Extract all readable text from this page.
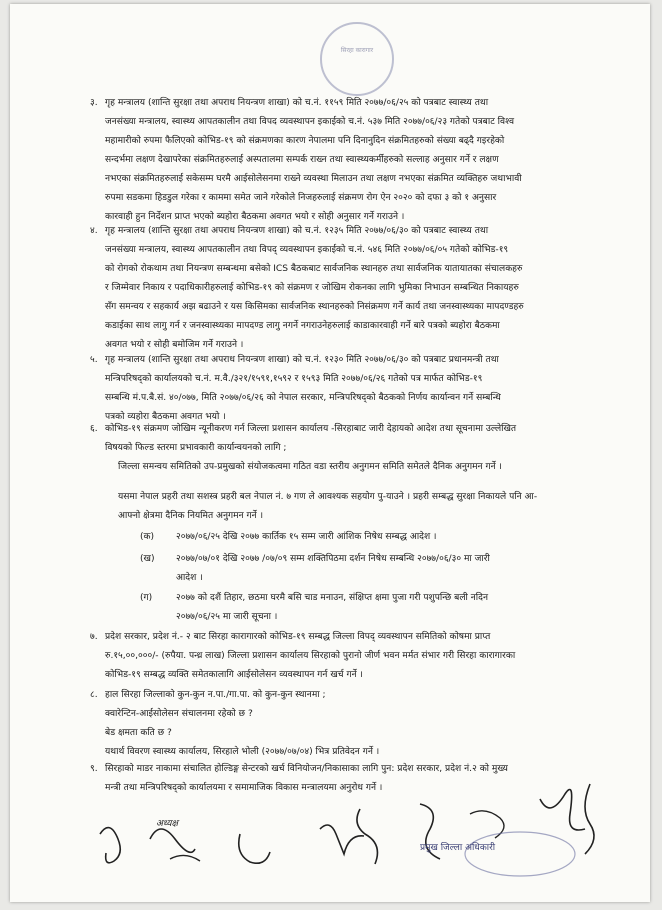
सिरहा कारागार
३. गृह मन्त्रालय (शान्ति सुरक्षा तथा अपराध नियन्त्रण शाखा) को च.नं. ११५९ मिति २०७७/०६/२५ को पत्रबाट स्वास्थ्य तथा

जनसंख्या मन्त्रालय, स्वास्थ्य आपतकालीन तथा विपद व्यवस्थापन इकाईको च.नं. ५३७ मिति २०७७/०६/२३ गतेको पत्रबाट विश्व

महामारीको रुपमा फैलिएको कोभिड-१९ को संक्रमणका कारण नेपालमा पनि दिनानुदिन संक्रमितहरुको संख्या बढ्दै गइरहेको

सन्दर्भमा लक्षण देखापरेका संक्रमितहरुलाई अस्पतालमा सम्पर्क राख्न तथा स्वास्थ्यकर्मीहरुको सल्लाह अनुसार गर्ने र लक्षण

नभएका संक्रमितहरुलाई सकेसम्म घरमै आईसोलेसनमा राख्ने व्यवस्था मिलाउन तथा लक्षण नभएका संक्रमित व्यक्तिहरु जथाभावी

रुपमा सडकमा हिडडुल गरेका र काममा समेत जाने गरेकोले निजहरुलाई संक्रमण रोग ऐन २०२० को दफा ३ को १ अनुसार

कारवाही हुन निर्देशन प्राप्त भएको ब्यहोरा बैठकमा अवगत भयो र सोही अनुसार गर्ने गराउने ।

४. गृह मन्त्रालय (शान्ति सुरक्षा तथा अपराध नियन्त्रण शाखा) को च.नं. १२३५ मिति २०७७/०६/३० को पत्रबाट स्वास्थ्य तथा

जनसंख्या मन्त्रालय, स्वास्थ्य आपतकालीन तथा विपद् व्यवस्थापन इकाईको च.नं. ५४६ मिति २०७७/०६/०५ गतेको कोभिड-१९

को रोगको रोकथाम तथा नियन्त्रण सम्बन्धमा बसेको ICS बैठकबाट सार्वजनिक स्थानहरु तथा सार्वजनिक यातायातका संचालकहरु

र जिम्मेवार निकाय र पदाधिकारीहरुलाई कोभिड-१९ को संक्रमण र जोखिम रोकनका लागि भुमिका निभाउन सम्बन्धित निकायहरु

सँग समन्वय र सहकार्य अझ बढाउने र यस किसिमका सार्वजनिक स्थानहरुको निसंक्रमण गर्ने कार्य तथा जनस्वास्थ्यका मापदण्डहरु

कडाईका साथ लागु गर्न र जनस्वास्थ्यका मापदण्ड लागु नगर्ने नगराउनेहरुलाई काडाकारवाही गर्ने बारे पत्रको ब्यहोरा बैठकमा

अवगत भयो र सोही बमोजिम गर्ने गराउने ।

५. गृह मन्त्रालय (शान्ति सुरक्षा तथा अपराध नियन्त्रण शाखा) को च.नं. १२३० मिति २०७७/०६/३० को पत्रबाट प्रधानमन्त्री तथा

मन्त्रिपरिषद्को कार्यालयको च.नं. म.वै./३२१/१५९१,१५९२ र १५९३ मिति २०७७/०६/२६ गतेको पत्र मार्फत कोभिड-१९

सम्बन्धि मं.प.बै.सं. ४०/०७७, मिति २०७७/०६/२६ को नेपाल सरकार, मन्त्रिपरिषद्को बैठकको निर्णय कार्यान्वन गर्ने सम्बन्धि

पत्रको व्यहोरा बैठकमा अवगत भयो ।

६. कोभिड-१९ संक्रमण जोखिम न्यूनीकरण गर्न जिल्ला प्रशासन कार्यालय -सिरहाबाट जारी देहायको आदेश तथा सूचनामा उल्लेखित

विषयको फिल्ड स्तरमा प्रभावकारी कार्यान्वयनको लागि ;

जिल्ला समन्वय समितिको उप-प्रमुखको संयोजकत्वमा गठित वडा स्तरीय अनुगमन समिति समेतले दैनिक अनुगमन गर्ने ।

यसमा नेपाल प्रहरी तथा सशस्त्र प्रहरी बल नेपाल नं. ७ गण ले आवश्यक सहयोग पु-याउने । प्रहरी सम्बद्ध सुरक्षा निकायले पनि आ-

आफ्नो क्षेत्रमा दैनिक नियमित अनुगमन गर्ने ।

(क) २०७७/०६/२५ देखि २०७७ कार्तिक १५ सम्म जारी आंशिक निषेध सम्बद्ध आदेश ।
(ख) २०७७/०७/०१ देखि २०७७ /०७/०९ सम्म शक्तिपिठमा दर्शन निषेध सम्बन्धि २०७७/०६/३० मा जारी
आदेश ।
(ग)	२०७७ को दशैं तिहार, छठमा घरमै बसि चाड मनाउन, संक्षिप्त क्षमा पुजा गरी पशुपन्छि बली नदिन
२०७७/०६/२५ मा जारी सूचना ।
७. प्रदेश सरकार, प्रदेश नं.- २ बाट सिरहा कारागारको कोभिड-१९ सम्बद्ध जिल्ला विपद् व्यवस्थापन समितिको कोषमा प्राप्त

रु.१५,००,०००/- (रुपैया. पन्ध्र लाख) जिल्ला प्रशासन कार्यालय सिरहाको पुरानो जीर्ण भवन मर्मत संभार गरी सिरहा कारागारका

कोभिड-१९ सम्बद्ध व्यक्ति समेतकालागि आईसोलेसन व्यवस्थापन गर्न खर्च गर्ने ।

८. हाल सिरहा जिल्लाको कुन-कुन न.पा./गा.पा. को कुन-कुन स्थानमा ;

क्वारेन्टिन-आईसोलेसन संचालनमा रहेको छ ?

बेड क्षमता कति छ ?

यथार्थ विवरण स्वास्थ्य कार्यालय, सिरहाले भोली (२०७७/०७/०४) भित्र प्रतिवेदन गर्ने ।

९. सिरहाको माडर नाकामा संचालित होल्डिङ्ग सेन्टरको खर्च विनियोजन/निकासाका लागि पुन: प्रदेश सरकार, प्रदेश नं.२ को मुख्य

मन्त्री तथा मन्त्रिपरिषद्को कार्यालयमा र समामाजिक विकास मन्त्रालयमा अनुरोध गर्ने ।

अध्यक्ष
प्रमुख जिल्ला अधिकारी
